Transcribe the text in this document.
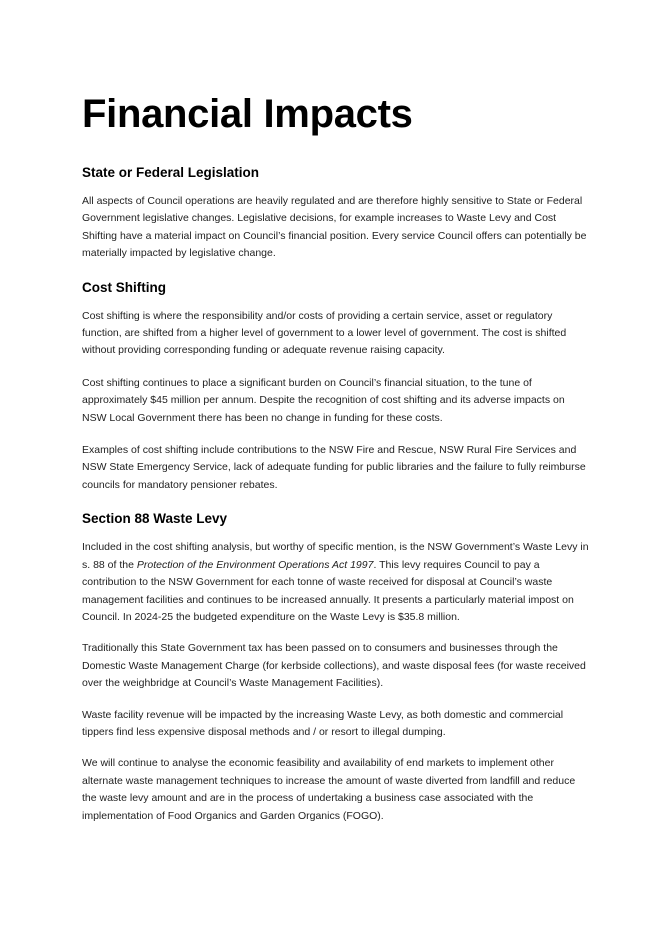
Financial Impacts
State or Federal Legislation

All aspects of Council operations are heavily regulated and are therefore highly sensitive to State or Federal Government legislative changes. Legislative decisions, for example increases to Waste Levy and Cost Shifting have a material impact on Council’s financial position. Every service Council offers can potentially be materially impacted by legislative change.

Cost Shifting

Cost shifting is where the responsibility and/or costs of providing a certain service, asset or regulatory function, are shifted from a higher level of government to a lower level of government. The cost is shifted without providing corresponding funding or adequate revenue raising capacity.

Cost shifting continues to place a significant burden on Council’s financial situation, to the tune of approximately $45 million per annum. Despite the recognition of cost shifting and its adverse impacts on NSW Local Government there has been no change in funding for these costs.

Examples of cost shifting include contributions to the NSW Fire and Rescue, NSW Rural Fire Services and NSW State Emergency Service, lack of adequate funding for public libraries and the failure to fully reimburse councils for mandatory pensioner rebates.

Section 88 Waste Levy

Included in the cost shifting analysis, but worthy of specific mention, is the NSW Government’s Waste Levy in s. 88 of the Protection of the Environment Operations Act 1997. This levy requires Council to pay a contribution to the NSW Government for each tonne of waste received for disposal at Council’s waste management facilities and continues to be increased annually. It presents a particularly material impost on Council. In 2024-25 the budgeted expenditure on the Waste Levy is $35.8 million.

Traditionally this State Government tax has been passed on to consumers and businesses through the Domestic Waste Management Charge (for kerbside collections), and waste disposal fees (for waste received over the weighbridge at Council’s Waste Management Facilities).

Waste facility revenue will be impacted by the increasing Waste Levy, as both domestic and commercial tippers find less expensive disposal methods and / or resort to illegal dumping.

We will continue to analyse the economic feasibility and availability of end markets to implement other alternate waste management techniques to increase the amount of waste diverted from landfill and reduce the waste levy amount and are in the process of undertaking a business case associated with the implementation of Food Organics and Garden Organics (FOGO).
